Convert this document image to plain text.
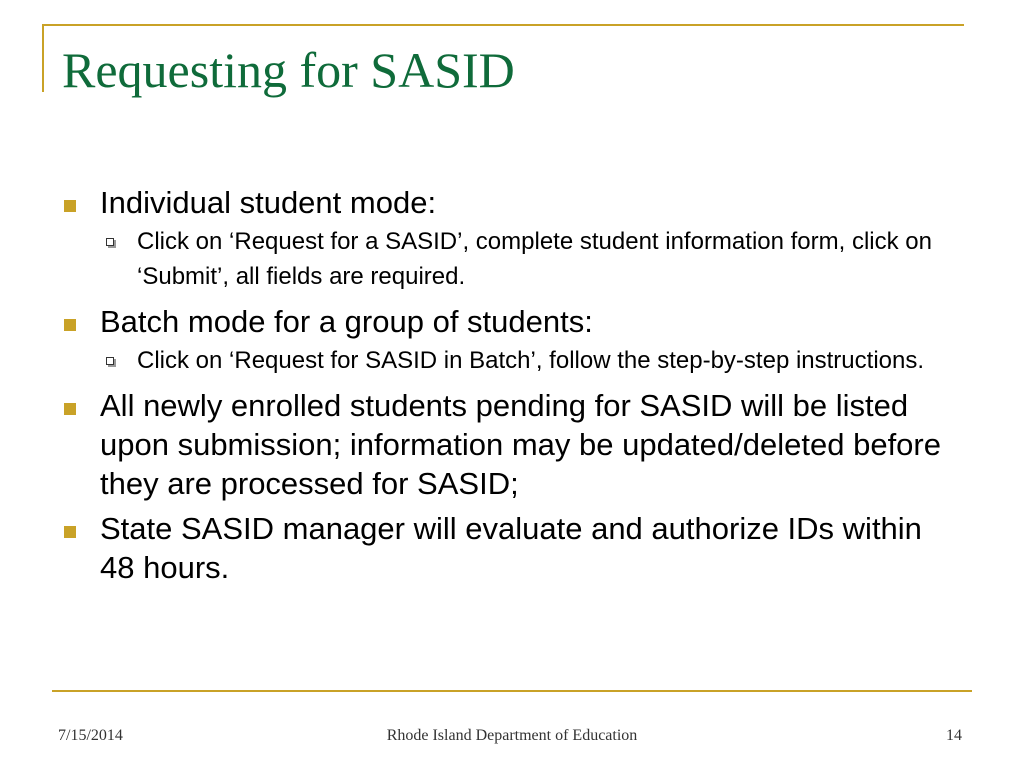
Requesting for SASID
Individual student mode:
Click on ‘Request for a SASID’, complete student information form, click on ‘Submit’, all fields are required.
Batch mode for a group of students:
Click on ‘Request for SASID in Batch’, follow the step-by-step instructions.
All newly enrolled students pending for SASID will be listed upon submission; information may be updated/deleted before they are processed for SASID;
State SASID manager will evaluate and authorize IDs within 48 hours.
7/15/2014	Rhode Island Department of Education	14
